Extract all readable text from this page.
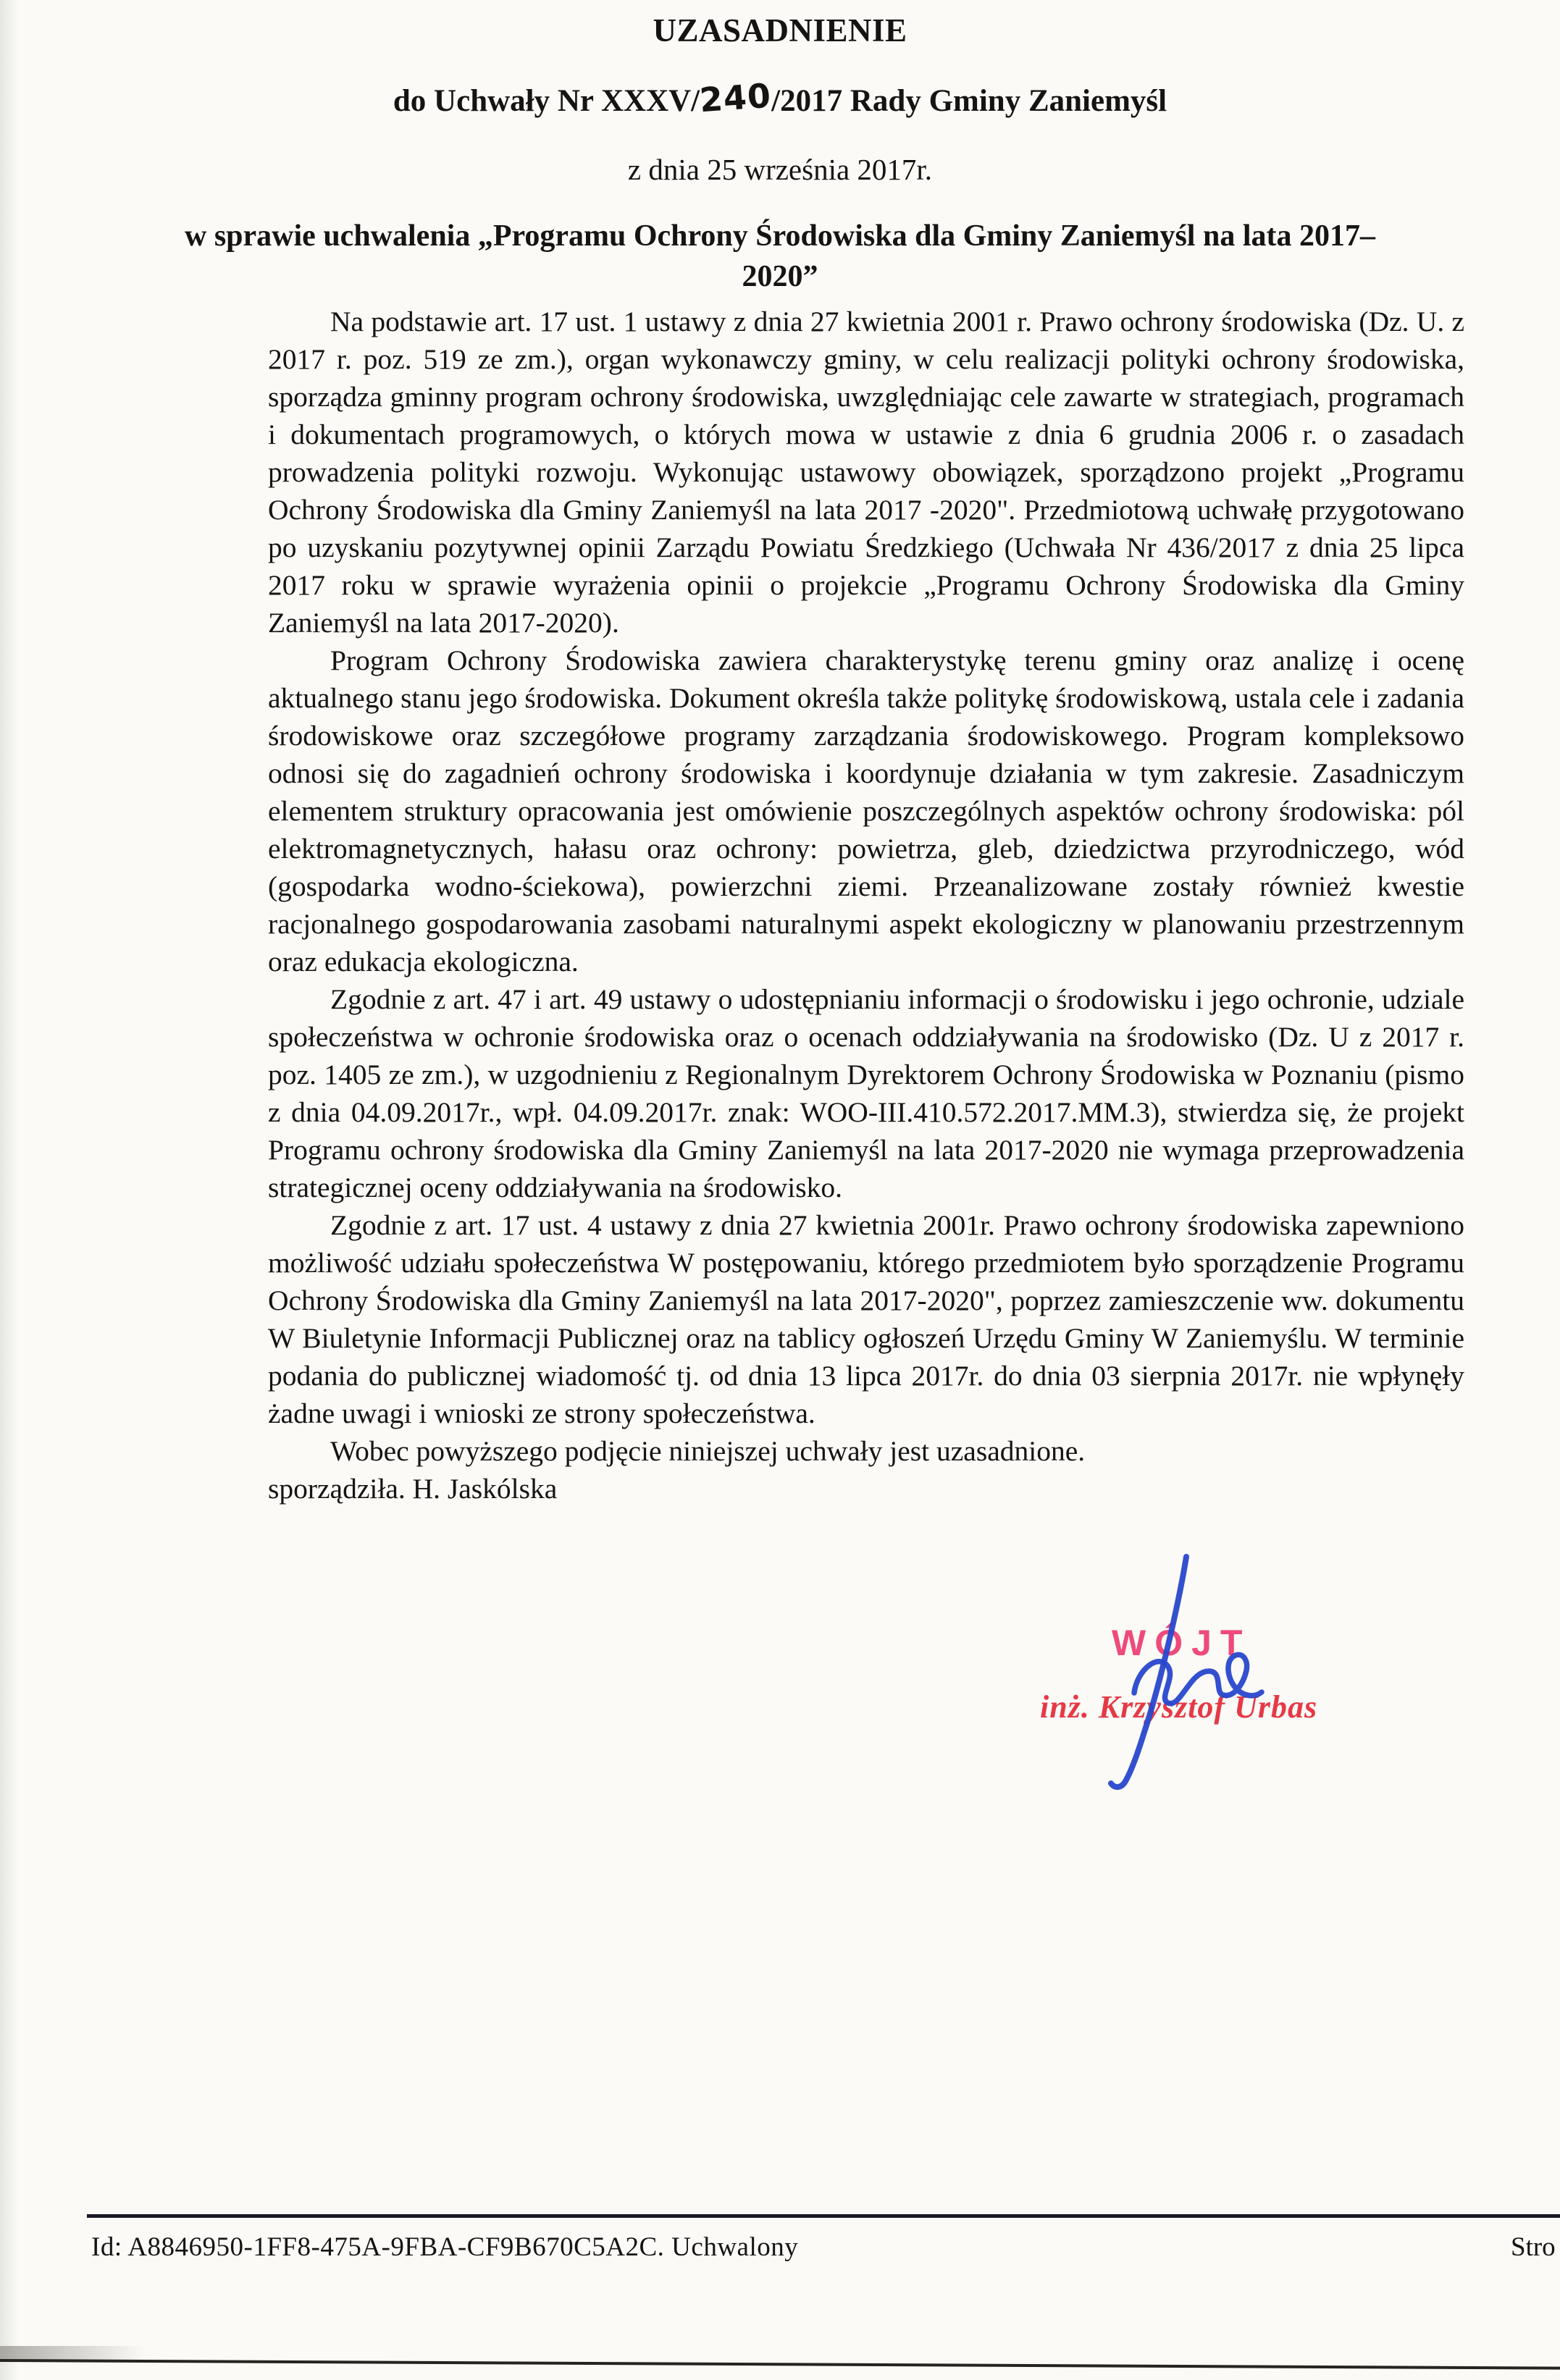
UZASADNIENIE
do Uchwały Nr XXXV/240/2017 Rady Gminy Zaniemyśl
z dnia 25 września 2017r.
w sprawie uchwalenia „Programu Ochrony Środowiska dla Gminy Zaniemyśl na lata 2017–
2020”

Na podstawie art. 17 ust. 1 ustawy z dnia 27 kwietnia 2001 r. Prawo ochrony środowiska (Dz. U. z 2017 r. poz. 519 ze zm.), organ wykonawczy gminy, w celu realizacji polityki ochrony środowiska, sporządza gminny program ochrony środowiska, uwzględniając cele zawarte w strategiach, programach i dokumentach programowych, o których mowa w ustawie z dnia 6 grudnia 2006 r. o zasadach prowadzenia polityki rozwoju. Wykonując ustawowy obowiązek, sporządzono projekt „Programu Ochrony Środowiska dla Gminy Zaniemyśl na lata 2017 -2020". Przedmiotową uchwałę przygotowano po uzyskaniu pozytywnej opinii Zarządu Powiatu Średzkiego (Uchwała Nr 436/2017 z dnia 25 lipca 2017 roku w sprawie wyrażenia opinii o projekcie „Programu Ochrony Środowiska dla Gminy Zaniemyśl na lata 2017-2020).

Program Ochrony Środowiska zawiera charakterystykę terenu gminy oraz analizę i ocenę aktualnego stanu jego środowiska. Dokument określa także politykę środowiskową, ustala cele i zadania środowiskowe oraz szczegółowe programy zarządzania środowiskowego. Program kompleksowo odnosi się do zagadnień ochrony środowiska i koordynuje działania w tym zakresie. Zasadniczym elementem struktury opracowania jest omówienie poszczególnych aspektów ochrony środowiska: pól elektromagnetycznych, hałasu oraz ochrony: powietrza, gleb, dziedzictwa przyrodniczego, wód (gospodarka wodno-ściekowa), powierzchni ziemi. Przeanalizowane zostały również kwestie racjonalnego gospodarowania zasobami naturalnymi aspekt ekologiczny w planowaniu przestrzennym oraz edukacja ekologiczna.

Zgodnie z art. 47 i art. 49 ustawy o udostępnianiu informacji o środowisku i jego ochronie, udziale społeczeństwa w ochronie środowiska oraz o ocenach oddziaływania na środowisko (Dz. U z 2017 r. poz. 1405 ze zm.), w uzgodnieniu z Regionalnym Dyrektorem Ochrony Środowiska w Poznaniu (pismo z dnia 04.09.2017r., wpł. 04.09.2017r. znak: WOO-III.410.572.2017.MM.3), stwierdza się, że projekt Programu ochrony środowiska dla Gminy Zaniemyśl na lata 2017-2020 nie wymaga przeprowadzenia strategicznej oceny oddziaływania na środowisko.

Zgodnie z art. 17 ust. 4 ustawy z dnia 27 kwietnia 2001r. Prawo ochrony środowiska zapewniono możliwość udziału społeczeństwa W postępowaniu, którego przedmiotem było sporządzenie Programu Ochrony Środowiska dla Gminy Zaniemyśl na lata 2017-2020", poprzez zamieszczenie ww. dokumentu W Biuletynie Informacji Publicznej oraz na tablicy ogłoszeń Urzędu Gminy W Zaniemyślu. W terminie podania do publicznej wiadomość tj. od dnia 13 lipca 2017r. do dnia 03 sierpnia 2017r. nie wpłynęły żadne uwagi i wnioski ze strony społeczeństwa.

Wobec powyższego podjęcie niniejszej uchwały jest uzasadnione.

sporządziła. H. Jaskólska

WÓJT
inż. Krzysztof Urbas
Id: A8846950-1FF8-475A-9FBA-CF9B670C5A2C. Uchwalony	Stro
